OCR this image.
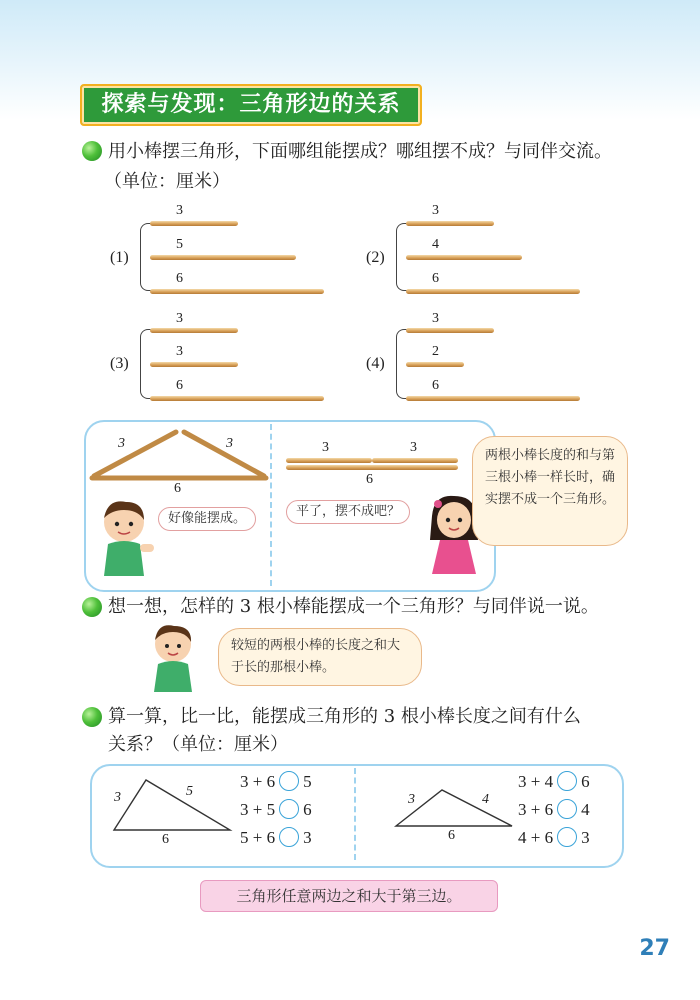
探索与发现：三角形边的关系
用小棒摆三角形，下面哪组能摆成？哪组摆不成？与同伴交流。
（单位：厘米）
(1)
3
5
6
(2)
3
4
6
(3)
3
3
6
(4)
3
2
6
3	3
6
3	3
6
好像能摆成。	平了，摆不成吧？
两根小棒长度的和与第三根小棒一样长时，确实摆不成一个三角形。
想一想，怎样的 3 根小棒能摆成一个三角形？与同伴说一说。
较短的两根小棒的长度之和大于长的那根小棒。
算一算，比一比，能摆成三角形的 3 根小棒长度之间有什么
关系？（单位：厘米）
3	5
6
3 + 6 5
3 + 5 6
5 + 6 3
3	4
6
3 + 4 6
3 + 6 4
4 + 6 3
三角形任意两边之和大于第三边。
27
